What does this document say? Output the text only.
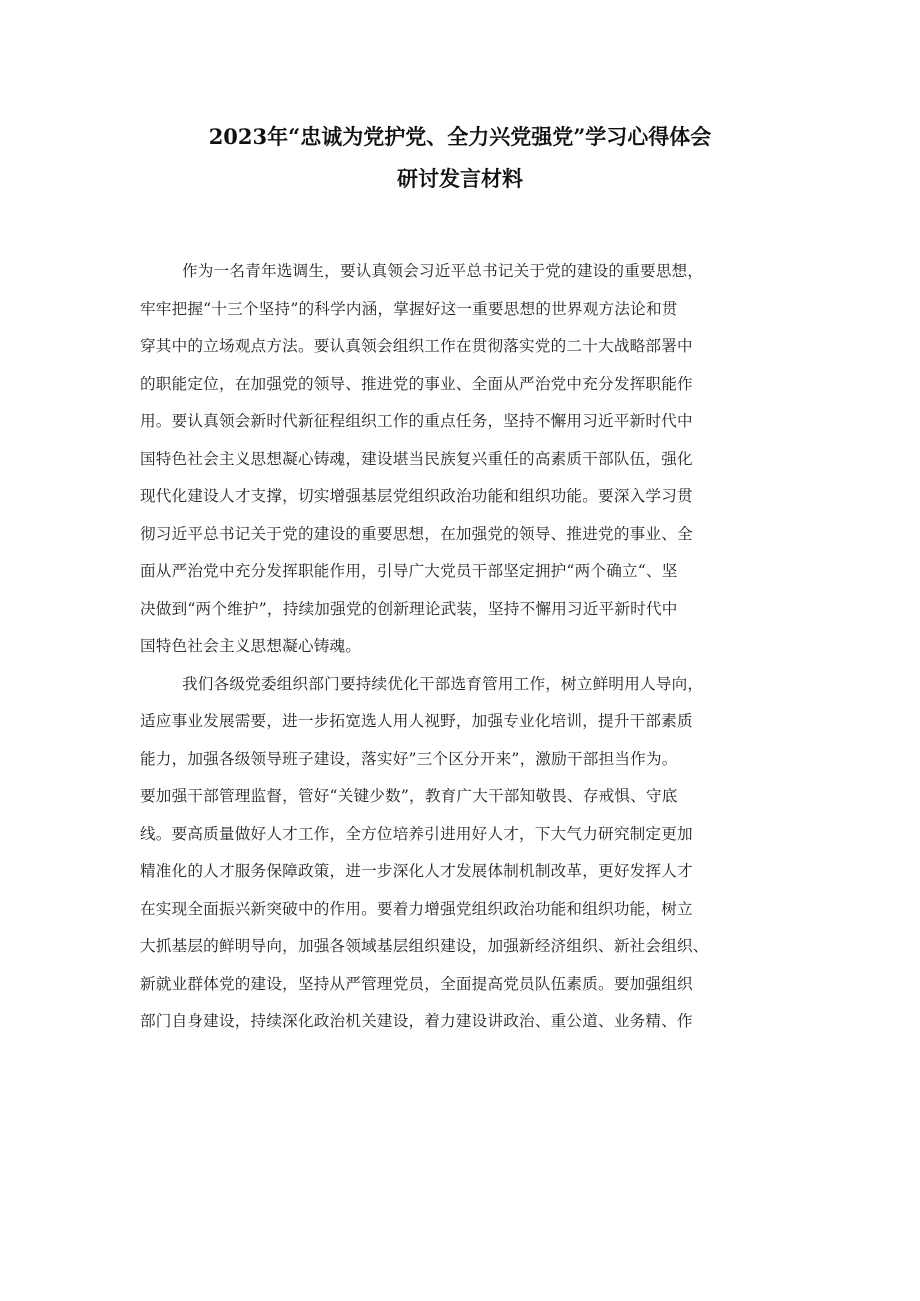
2023年“忠诚为党护党、全力兴党强党”学习心得体会
研讨发言材料

作为一名青年选调生，要认真领会习近平总书记关于党的建设的重要思想，
牢牢把握“十三个坚持”的科学内涵，掌握好这一重要思想的世界观方法论和贯
穿其中的立场观点方法。要认真领会组织工作在贯彻落实党的二十大战略部署中
的职能定位，在加强党的领导、推进党的事业、全面从严治党中充分发挥职能作
用。要认真领会新时代新征程组织工作的重点任务，坚持不懈用习近平新时代中
国特色社会主义思想凝心铸魂，建设堪当民族复兴重任的高素质干部队伍，强化
现代化建设人才支撑，切实增强基层党组织政治功能和组织功能。要深入学习贯
彻习近平总书记关于党的建设的重要思想，在加强党的领导、推进党的事业、全
面从严治党中充分发挥职能作用，引导广大党员干部坚定拥护“两个确立“、坚
决做到“两个维护”，持续加强党的创新理论武装，坚持不懈用习近平新时代中
国特色社会主义思想凝心铸魂。

我们各级党委组织部门要持续优化干部选育管用工作，树立鲜明用人导向，
适应事业发展需要，进一步拓宽选人用人视野，加强专业化培训，提升干部素质
能力，加强各级领导班子建设，落实好”三个区分开来”，激励干部担当作为。
要加强干部管理监督，管好“关键少数”，教育广大干部知敬畏、存戒惧、守底
线。要高质量做好人才工作，全方位培养引进用好人才，下大气力研究制定更加
精准化的人才服务保障政策，进一步深化人才发展体制机制改革，更好发挥人才
在实现全面振兴新突破中的作用。要着力增强党组织政治功能和组织功能，树立
大抓基层的鲜明导向，加强各领域基层组织建设，加强新经济组织、新社会组织、
新就业群体党的建设，坚持从严管理党员，全面提高党员队伍素质。要加强组织
部门自身建设，持续深化政治机关建设，着力建设讲政治、重公道、业务精、作
